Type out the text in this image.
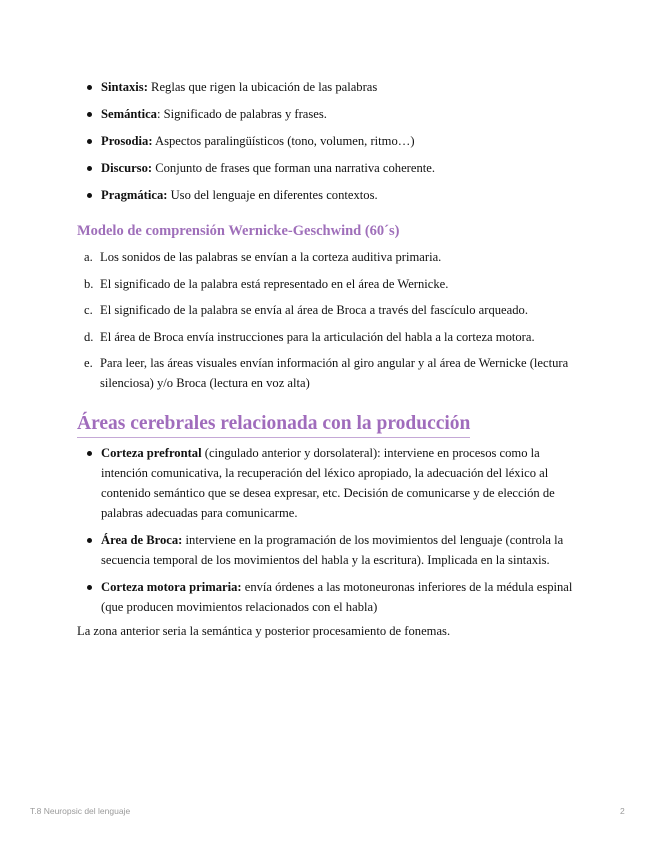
Sintaxis: Reglas que rigen la ubicación de las palabras
Semántica: Significado de palabras y frases.
Prosodia: Aspectos paralingüísticos (tono, volumen, ritmo…)
Discurso: Conjunto de frases que forman una narrativa coherente.
Pragmática: Uso del lenguaje en diferentes contextos.
Modelo de comprensión Wernicke-Geschwind (60´s)
a. Los sonidos de las palabras se envían a la corteza auditiva primaria.
b. El significado de la palabra está representado en el área de Wernicke.
c. El significado de la palabra se envía al área de Broca a través del fascículo arqueado.
d. El área de Broca envía instrucciones para la articulación del habla a la corteza motora.
e. Para leer, las áreas visuales envían información al giro angular y al área de Wernicke (lectura silenciosa) y/o Broca (lectura en voz alta)
Áreas cerebrales relacionada con la producción
Corteza prefrontal (cingulado anterior y dorsolateral): interviene en procesos como la intención comunicativa, la recuperación del léxico apropiado, la adecuación del léxico al contenido semántico que se desea expresar, etc. Decisión de comunicarse y de elección de palabras adecuadas para comunicarme.
Área de Broca: interviene en la programación de los movimientos del lenguaje (controla la secuencia temporal de los movimientos del habla y la escritura). Implicada en la sintaxis.
Corteza motora primaria: envía órdenes a las motoneuronas inferiores de la médula espinal (que producen movimientos relacionados con el habla)

La zona anterior seria la semántica y posterior procesamiento de fonemas.

T.8 Neuropsic del lenguaje	2
